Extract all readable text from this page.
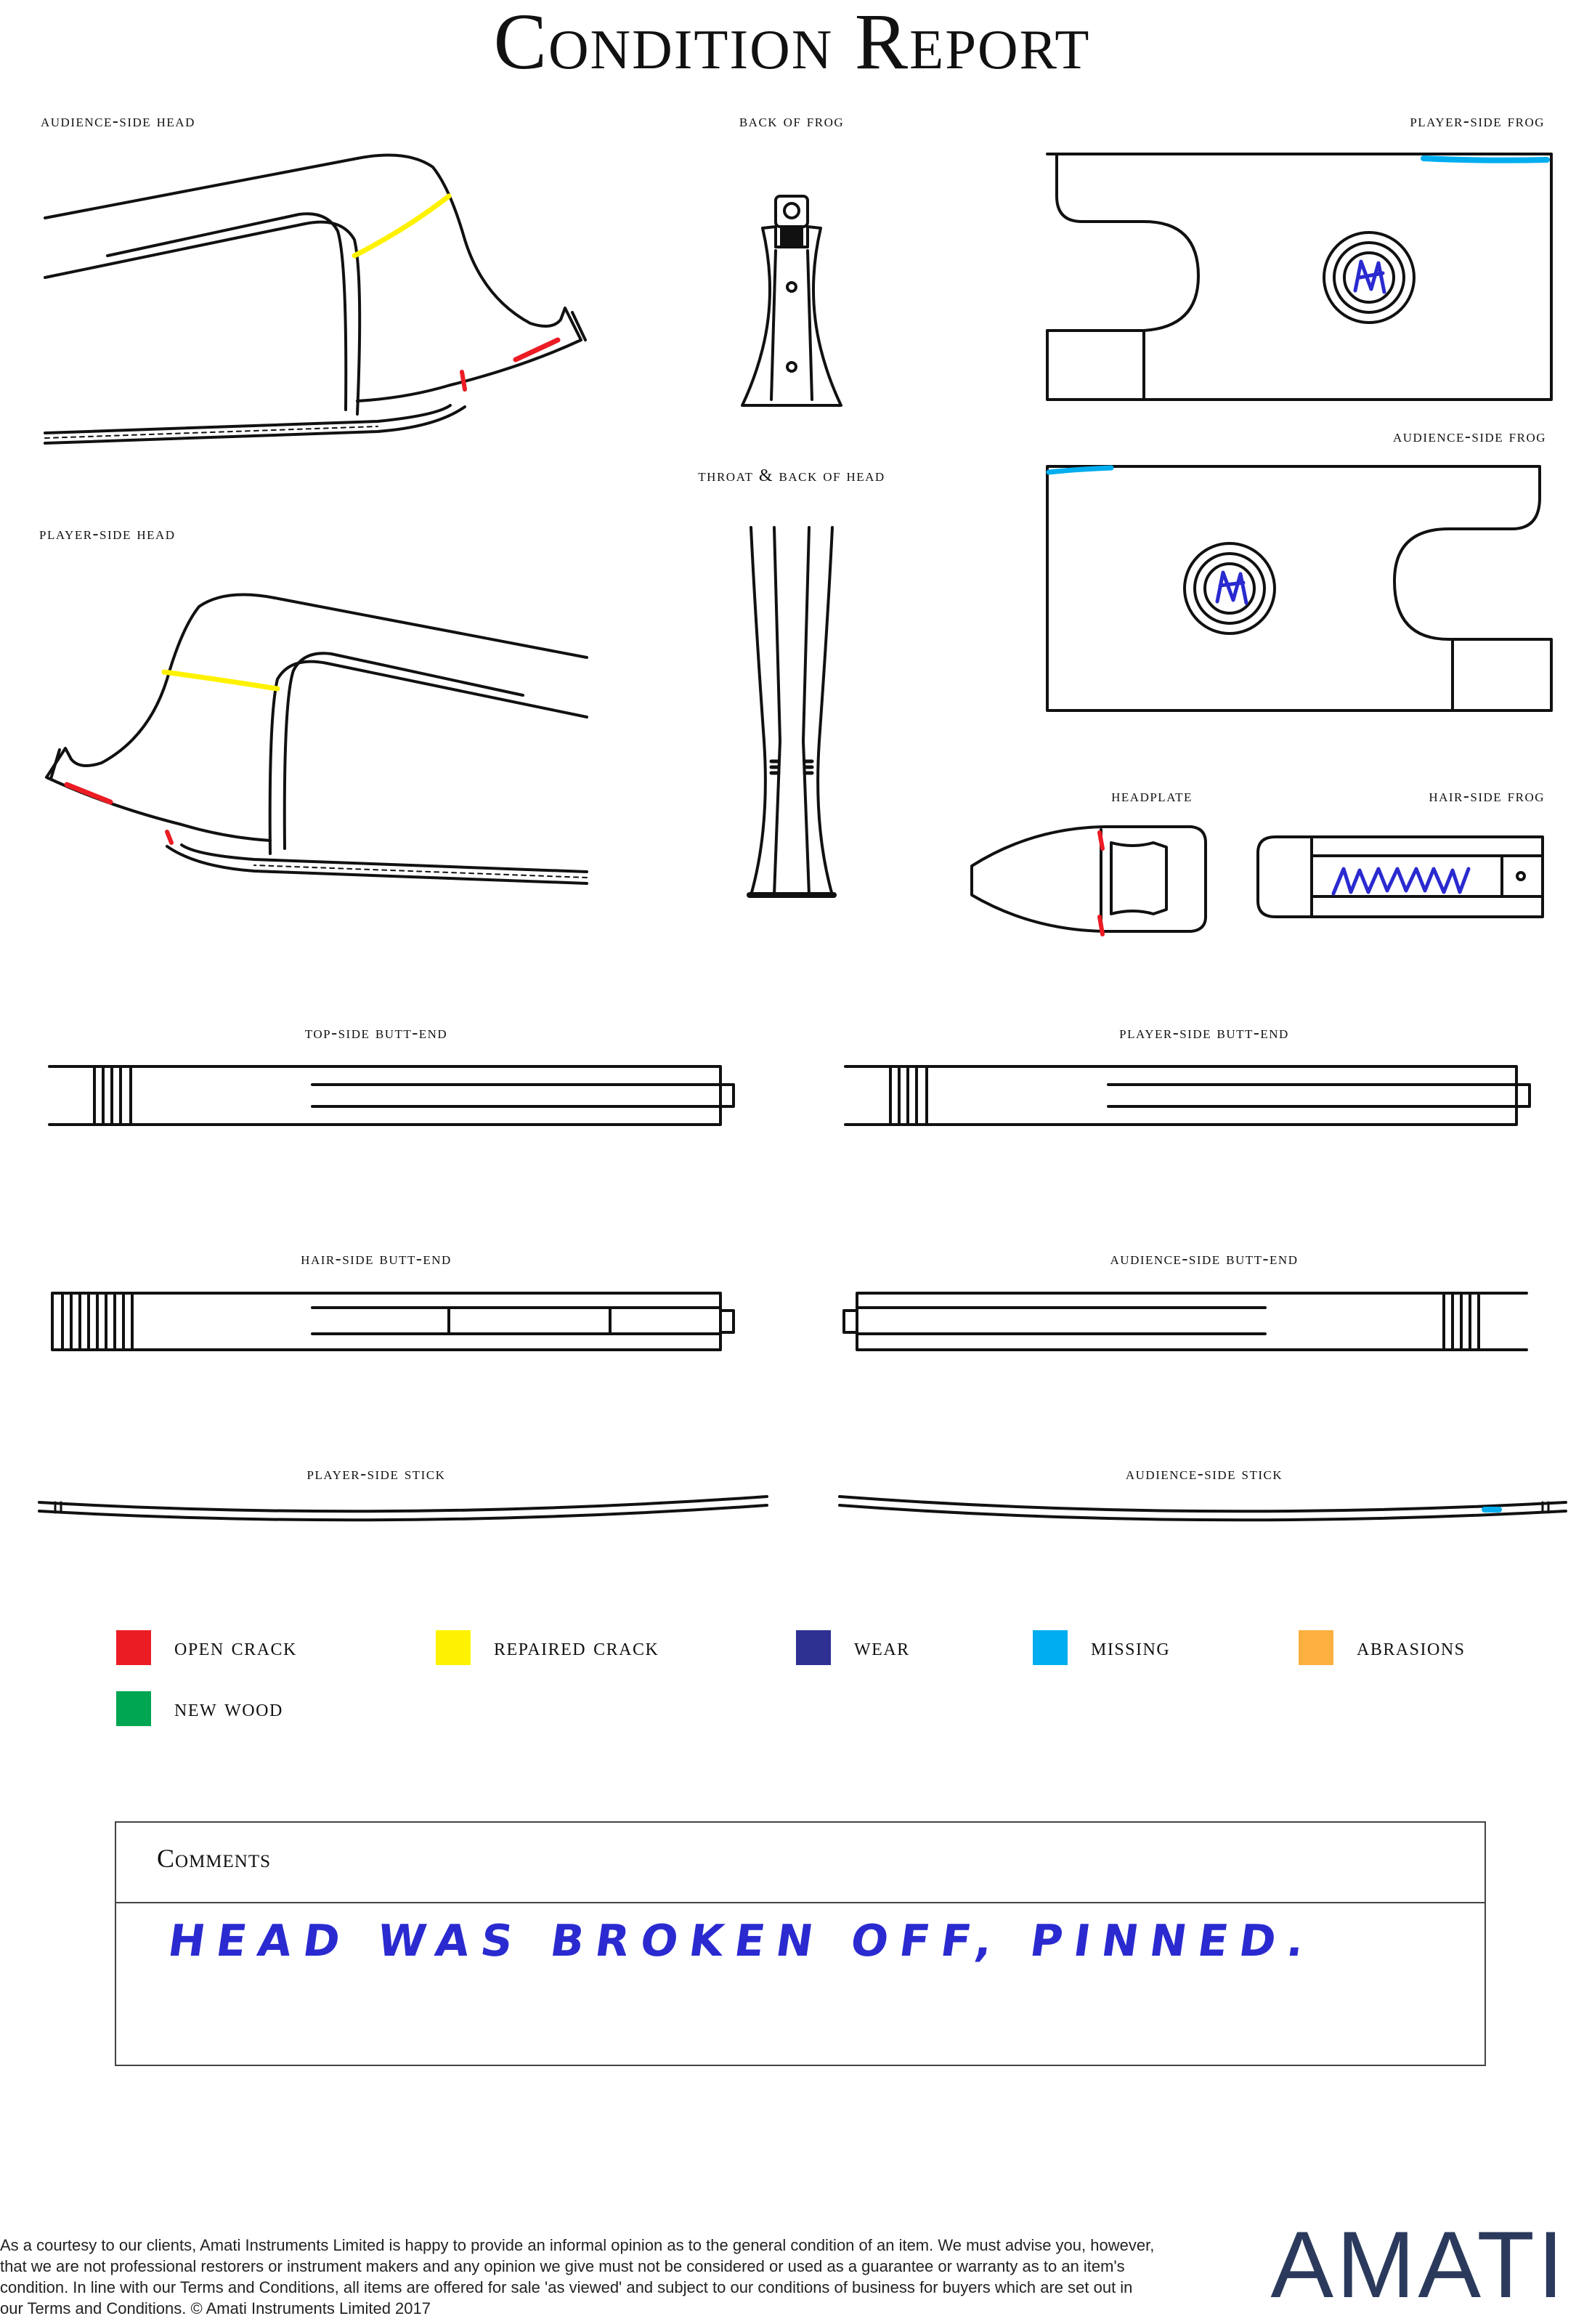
Condition Report
audience-side head	back of frog	player-side frog
player-side head
throat & back of head
audience-side frog
headplate	hair-side frog
top-side butt-end	player-side butt-end
hair-side butt-end	audience-side butt-end
player-side stick	audience-side stick
open crack	repaired crack	wear	missing	abrasions
new wood
Comments
HEAD WAS BROKEN OFF, PINNED.
As a courtesy to our clients, Amati Instruments Limited is happy to provide an informal opinion as to the general condition of an item. We must advise you, however, that we are not professional restorers or instrument makers and any opinion we give must not be considered or used as a guarantee or warranty as to an item's condition. In line with our Terms and Conditions, all items are offered for sale 'as viewed' and subject to our conditions of business for buyers which are set out in our Terms and Conditions. © Amati Instruments Limited 2017	AMATI
